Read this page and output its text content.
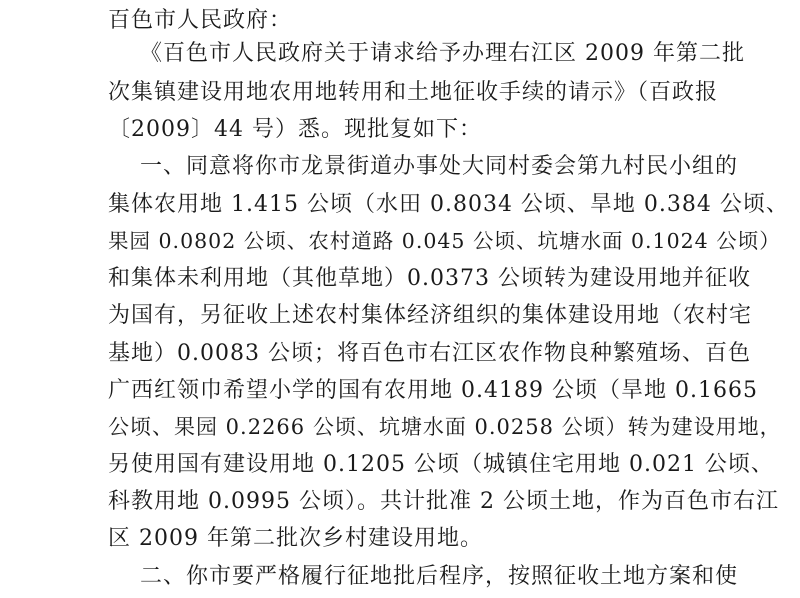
百色市人民政府：
《百色市人民政府关于请求给予办理右江区 2009 年第二批
次集镇建设用地农用地转用和土地征收手续的请示》（百政报
〔2009〕44 号）悉。现批复如下：
一、同意将你市龙景街道办事处大同村委会第九村民小组的
集体农用地 1.415 公顷（水田 0.8034 公顷、旱地 0.384 公顷、
果园 0.0802 公顷、农村道路 0.045 公顷、坑塘水面 0.1024 公顷）
和集体未利用地（其他草地）0.0373 公顷转为建设用地并征收
为国有，另征收上述农村集体经济组织的集体建设用地（农村宅
基地）0.0083 公顷；将百色市右江区农作物良种繁殖场、百色
广西红领巾希望小学的国有农用地 0.4189 公顷（旱地 0.1665
公顷、果园 0.2266 公顷、坑塘水面 0.0258 公顷）转为建设用地，
另使用国有建设用地 0.1205 公顷（城镇住宅用地 0.021 公顷、
科教用地 0.0995 公顷）。共计批准 2 公顷土地，作为百色市右江
区 2009 年第二批次乡村建设用地。
二、你市要严格履行征地批后程序，按照征收土地方案和使
